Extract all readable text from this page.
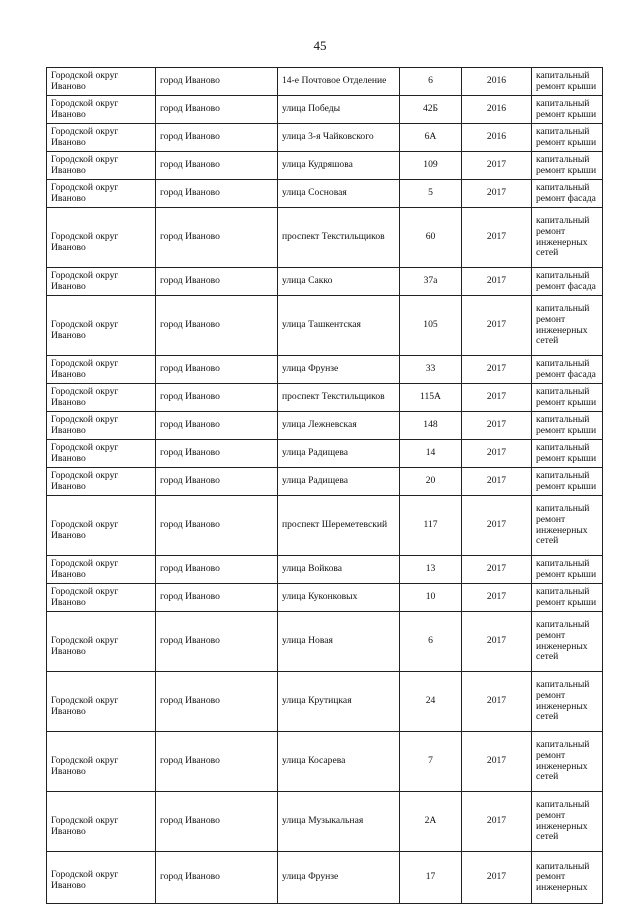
45
Городской округ Иваново	город Иваново	14-е Почтовое Отделение	6	2016	капитальный ремонт крыши
Городской округ Иваново	город Иваново	улица Победы	42Б	2016	капитальный ремонт крыши
Городской округ Иваново	город Иваново	улица 3-я Чайковского	6А	2016	капитальный ремонт крыши
Городской округ Иваново	город Иваново	улица Кудряшова	109	2017	капитальный ремонт крыши
Городской округ Иваново	город Иваново	улица Сосновая	5	2017	капитальный ремонт фасада
Городской округ Иваново	город Иваново	проспект Текстильщиков	60	2017	капитальный ремонт инженерных сетей
Городской округ Иваново	город Иваново	улица Сакко	37а	2017	капитальный ремонт фасада
Городской округ Иваново	город Иваново	улица Ташкентская	105	2017	капитальный ремонт инженерных сетей
Городской округ Иваново	город Иваново	улица Фрунзе	33	2017	капитальный ремонт фасада
Городской округ Иваново	город Иваново	проспект Текстильщиков	115А	2017	капитальный ремонт крыши
Городской округ Иваново	город Иваново	улица Лежневская	148	2017	капитальный ремонт крыши
Городской округ Иваново	город Иваново	улица Радищева	14	2017	капитальный ремонт крыши
Городской округ Иваново	город Иваново	улица Радищева	20	2017	капитальный ремонт крыши
Городской округ Иваново	город Иваново	проспект Шереметевский	117	2017	капитальный ремонт инженерных сетей
Городской округ Иваново	город Иваново	улица Войкова	13	2017	капитальный ремонт крыши
Городской округ Иваново	город Иваново	улица Куконковых	10	2017	капитальный ремонт крыши
Городской округ Иваново	город Иваново	улица Новая	6	2017	капитальный ремонт инженерных сетей
Городской округ Иваново	город Иваново	улица Крутицкая	24	2017	капитальный ремонт инженерных сетей
Городской округ Иваново	город Иваново	улица Косарева	7	2017	капитальный ремонт инженерных сетей
Городской округ Иваново	город Иваново	улица Музыкальная	2А	2017	капитальный ремонт инженерных сетей
Городской округ Иваново	город Иваново	улица Фрунзе	17	2017	капитальный ремонт инженерных
